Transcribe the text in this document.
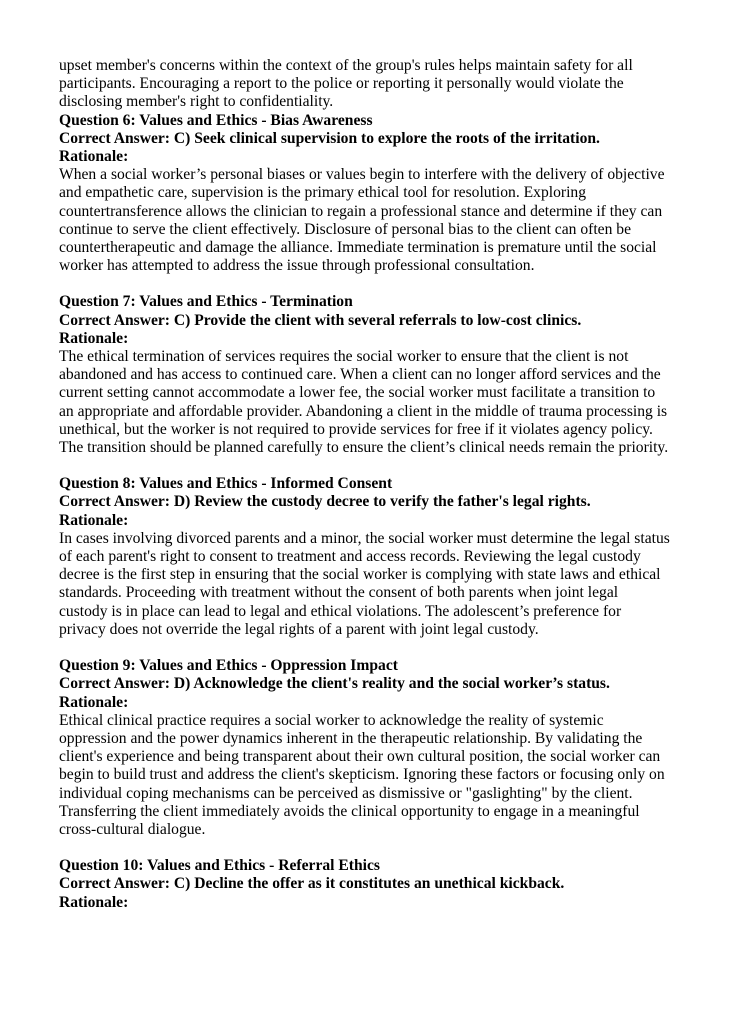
upset member's concerns within the context of the group's rules helps maintain safety for all participants. Encouraging a report to the police or reporting it personally would violate the disclosing member's right to confidentiality.

Question 6: Values and Ethics - Bias Awareness

Correct Answer: C) Seek clinical supervision to explore the roots of the irritation.

Rationale:

When a social worker’s personal biases or values begin to interfere with the delivery of objective and empathetic care, supervision is the primary ethical tool for resolution. Exploring countertransference allows the clinician to regain a professional stance and determine if they can continue to serve the client effectively. Disclosure of personal bias to the client can often be countertherapeutic and damage the alliance. Immediate termination is premature until the social worker has attempted to address the issue through professional consultation.

Question 7: Values and Ethics - Termination

Correct Answer: C) Provide the client with several referrals to low-cost clinics.

Rationale:

The ethical termination of services requires the social worker to ensure that the client is not abandoned and has access to continued care. When a client can no longer afford services and the current setting cannot accommodate a lower fee, the social worker must facilitate a transition to an appropriate and affordable provider. Abandoning a client in the middle of trauma processing is unethical, but the worker is not required to provide services for free if it violates agency policy. The transition should be planned carefully to ensure the client’s clinical needs remain the priority.

Question 8: Values and Ethics - Informed Consent

Correct Answer: D) Review the custody decree to verify the father's legal rights.

Rationale:

In cases involving divorced parents and a minor, the social worker must determine the legal status of each parent's right to consent to treatment and access records. Reviewing the legal custody decree is the first step in ensuring that the social worker is complying with state laws and ethical standards. Proceeding with treatment without the consent of both parents when joint legal custody is in place can lead to legal and ethical violations. The adolescent’s preference for privacy does not override the legal rights of a parent with joint legal custody.

Question 9: Values and Ethics - Oppression Impact

Correct Answer: D) Acknowledge the client's reality and the social worker’s status.

Rationale:

Ethical clinical practice requires a social worker to acknowledge the reality of systemic oppression and the power dynamics inherent in the therapeutic relationship. By validating the client's experience and being transparent about their own cultural position, the social worker can begin to build trust and address the client's skepticism. Ignoring these factors or focusing only on individual coping mechanisms can be perceived as dismissive or "gaslighting" by the client. Transferring the client immediately avoids the clinical opportunity to engage in a meaningful cross-cultural dialogue.

Question 10: Values and Ethics - Referral Ethics

Correct Answer: C) Decline the offer as it constitutes an unethical kickback.

Rationale:
